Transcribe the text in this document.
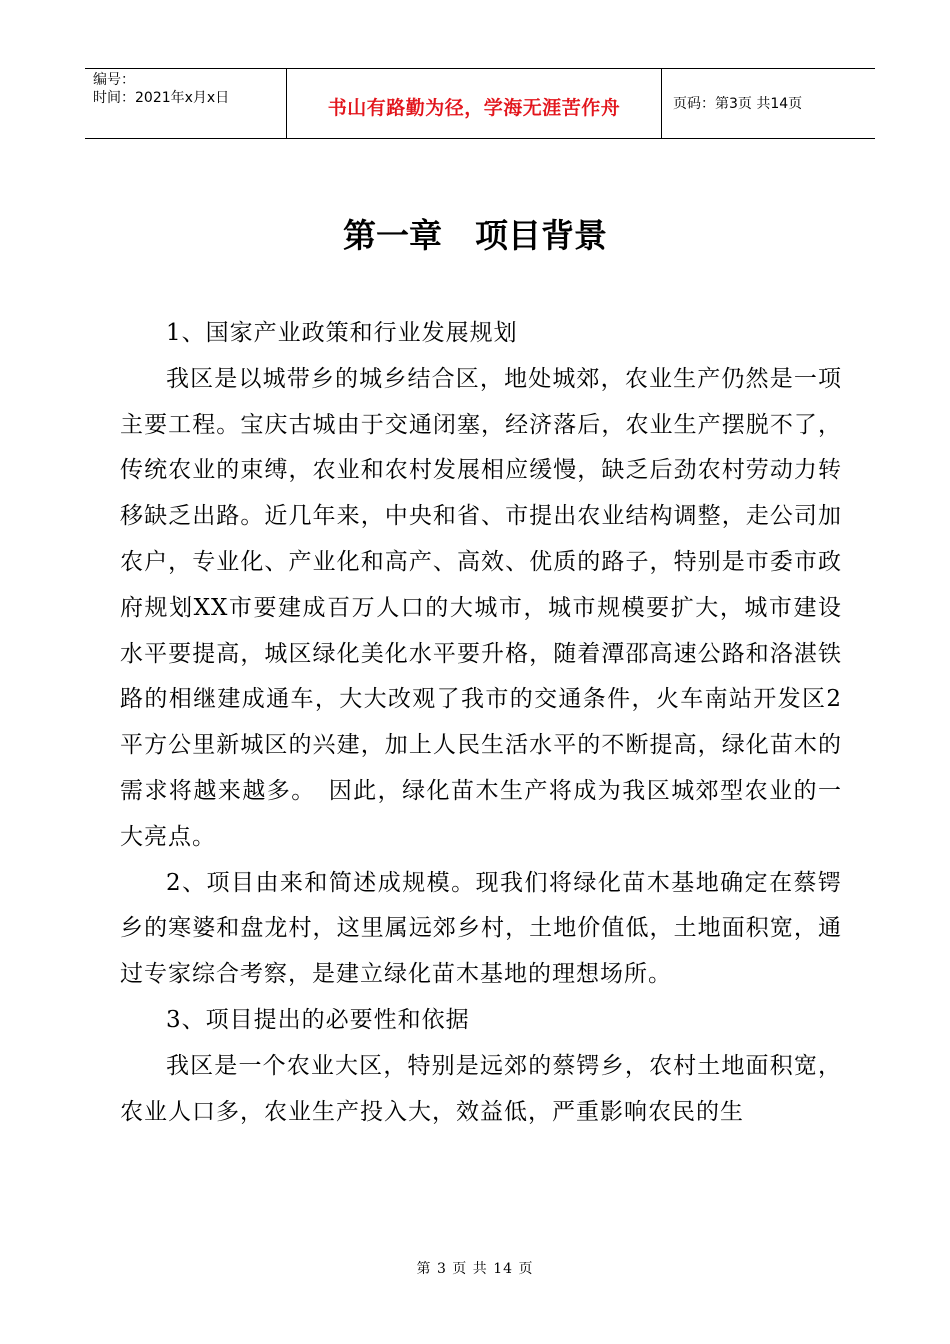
编号：
时间：2021年x月x日	书山有路勤为径，学海无涯苦作舟	页码：第3页 共14页
第一章　项目背景

1、国家产业政策和行业发展规划

我区是以城带乡的城乡结合区，地处城郊，农业生产仍然是一项主要工程。宝庆古城由于交通闭塞，经济落后，农业生产摆脱不了，传统农业的束缚，农业和农村发展相应缓慢，缺乏后劲农村劳动力转移缺乏出路。近几年来，中央和省、市提出农业结构调整，走公司加农户，专业化、产业化和高产、高效、优质的路子，特别是市委市政府规划XX市要建成百万人口的大城市，城市规模要扩大，城市建设水平要提高，城区绿化美化水平要升格，随着潭邵高速公路和洛湛铁路的相继建成通车，大大改观了我市的交通条件，火车南站开发区2平方公里新城区的兴建，加上人民生活水平的不断提高，绿化苗木的需求将越来越多。　因此，绿化苗木生产将成为我区城郊型农业的一大亮点。

2、项目由来和简述成规模。现我们将绿化苗木基地确定在蔡锷乡的寒婆和盘龙村，这里属远郊乡村，土地价值低，土地面积宽，通过专家综合考察，是建立绿化苗木基地的理想场所。

3、项目提出的必要性和依据

我区是一个农业大区，特别是远郊的蔡锷乡，农村土地面积宽，农业人口多，农业生产投入大，效益低，严重影响农民的生

第 3 页 共 14 页
